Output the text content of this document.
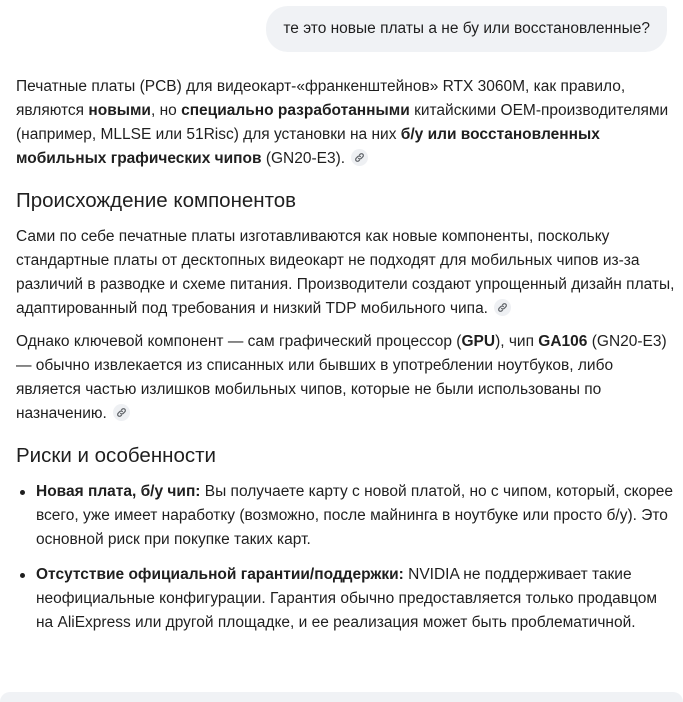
те это новые платы а не бу или восстановленные?

Печатные платы (PCB) для видеокарт-«франкенштейнов» RTX 3060M, как правило, являются новыми, но специально разработанными китайскими OEM-производителями (например, MLLSE или 51Risc) для установки на них б/у или восстановленных мобильных графических чипов (GN20-E3).

Происхождение компонентов

Сами по себе печатные платы изготавливаются как новые компоненты, поскольку стандартные платы от десктопных видеокарт не подходят для мобильных чипов из-за различий в разводке и схеме питания. Производители создают упрощенный дизайн платы, адаптированный под требования и низкий TDP мобильного чипа.

Однако ключевой компонент — сам графический процессор (GPU), чип GA106 (GN20-E3) — обычно извлекается из списанных или бывших в употреблении ноутбуков, либо является частью излишков мобильных чипов, которые не были использованы по назначению.

Риски и особенности
Новая плата, б/у чип: Вы получаете карту с новой платой, но с чипом, который, скорее всего, уже имеет наработку (возможно, после майнинга в ноутбуке или просто б/у). Это основной риск при покупке таких карт.
Отсутствие официальной гарантии/поддержки: NVIDIA не поддерживает такие неофициальные конфигурации. Гарантия обычно предоставляется только продавцом на AliExpress или другой площадке, и ее реализация может быть проблематичной.
